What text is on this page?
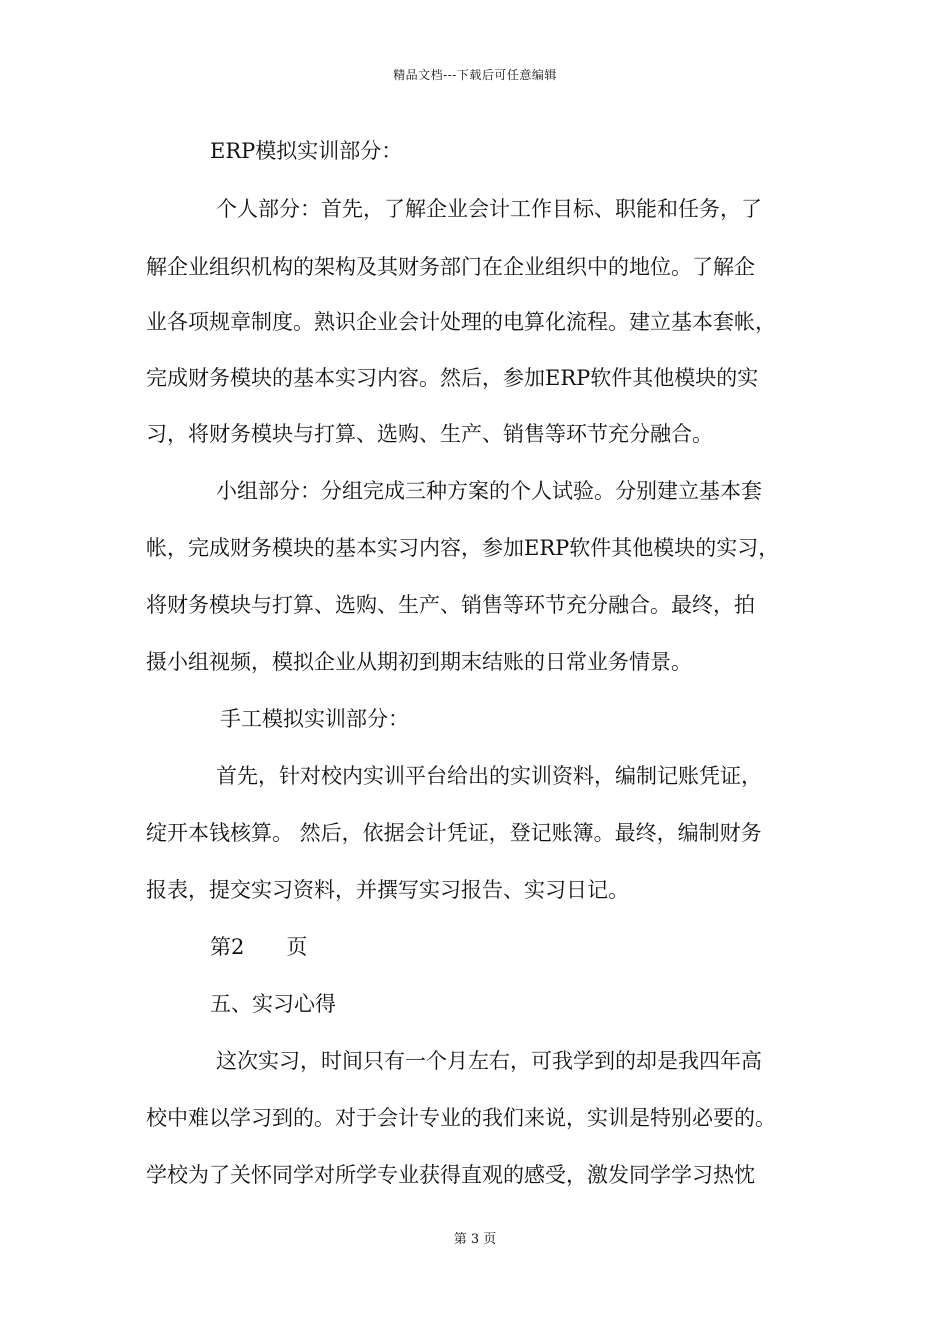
精品文档---下载后可任意编辑
ERP模拟实训部分：
个人部分：首先，了解企业会计工作目标、职能和任务，了
解企业组织机构的架构及其财务部门在企业组织中的地位。了解企
业各项规章制度。熟识企业会计处理的电算化流程。建立基本套帐，
完成财务模块的基本实习内容。然后，参加ERP软件其他模块的实
习，将财务模块与打算、选购、生产、销售等环节充分融合。
小组部分：分组完成三种方案的个人试验。分别建立基本套
帐，完成财务模块的基本实习内容，参加ERP软件其他模块的实习，
将财务模块与打算、选购、生产、销售等环节充分融合。最终，拍
摄小组视频，模拟企业从期初到期末结账的日常业务情景。
手工模拟实训部分：
首先，针对校内实训平台给出的实训资料，编制记账凭证，
绽开本钱核算。 然后，依据会计凭证，登记账簿。最终，编制财务
报表，提交实习资料，并撰写实习报告、实习日记。
第2　　页
五、实习心得
这次实习，时间只有一个月左右，可我学到的却是我四年高
校中难以学习到的。对于会计专业的我们来说，实训是特别必要的。
学校为了关怀同学对所学专业获得直观的感受，激发同学学习热忱
第 3 页
